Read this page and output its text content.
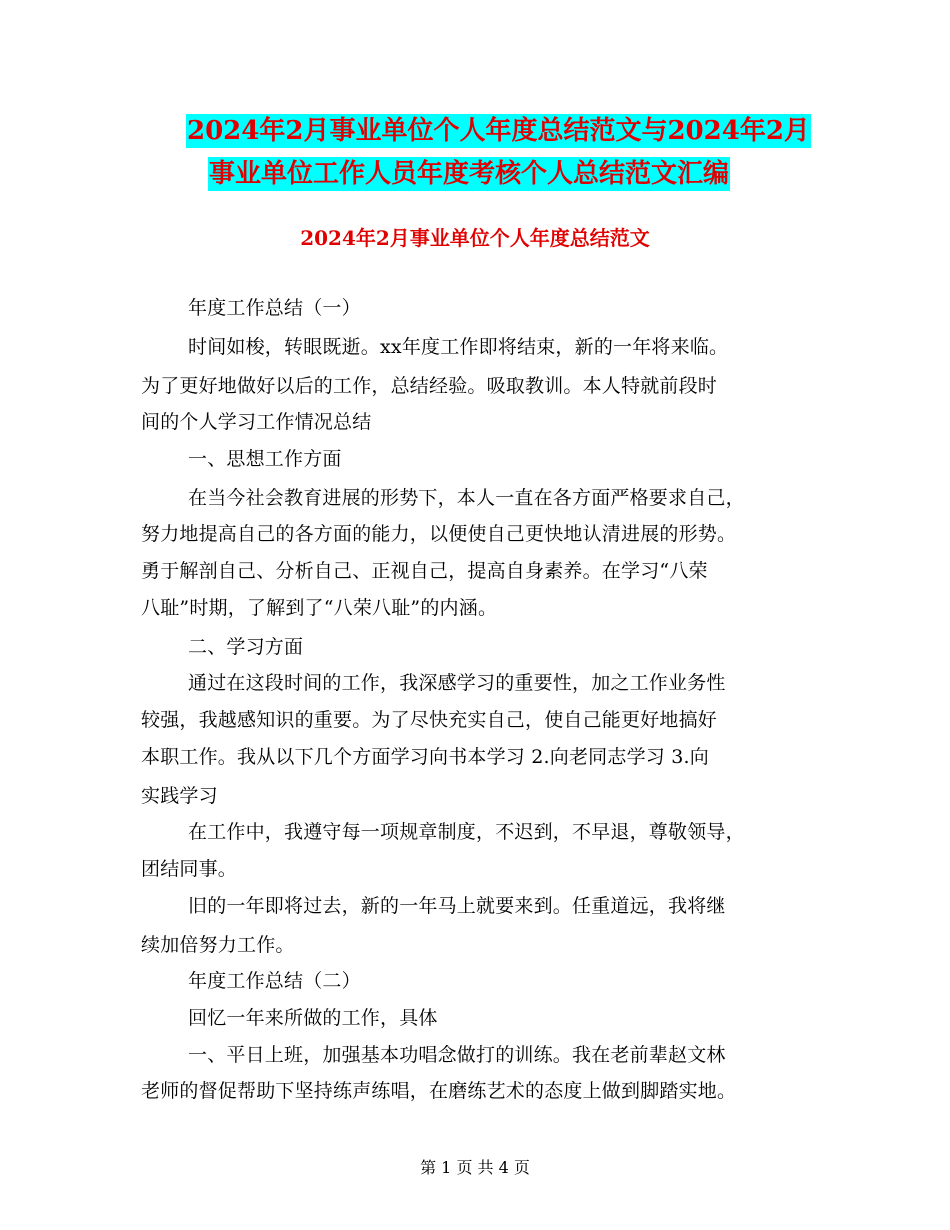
2024年2月事业单位个人年度总结范文与2024年2月
事业单位工作人员年度考核个人总结范文汇编
2024年2月事业单位个人年度总结范文
年度工作总结（一）
时间如梭，转眼既逝。xx年度工作即将结束，新的一年将来临。
为了更好地做好以后的工作，总结经验。吸取教训。本人特就前段时
间的个人学习工作情况总结
一、思想工作方面
在当今社会教育进展的形势下，本人一直在各方面严格要求自己，
努力地提高自己的各方面的能力，以便使自己更快地认清进展的形势。
勇于解剖自己、分析自己、正视自己，提高自身素养。在学习“八荣
八耻”时期，了解到了“八荣八耻”的内涵。
二、学习方面
通过在这段时间的工作，我深感学习的重要性，加之工作业务性
较强，我越感知识的重要。为了尽快充实自己，使自己能更好地搞好
本职工作。我从以下几个方面学习向书本学习 2.向老同志学习 3.向
实践学习
在工作中，我遵守每一项规章制度，不迟到，不早退，尊敬领导，
团结同事。
旧的一年即将过去，新的一年马上就要来到。任重道远，我将继
续加倍努力工作。
年度工作总结（二）
回忆一年来所做的工作，具体
一、平日上班，加强基本功唱念做打的训练。我在老前辈赵文林
老师的督促帮助下坚持练声练唱，在磨练艺术的态度上做到脚踏实地。
第 1 页 共 4 页
